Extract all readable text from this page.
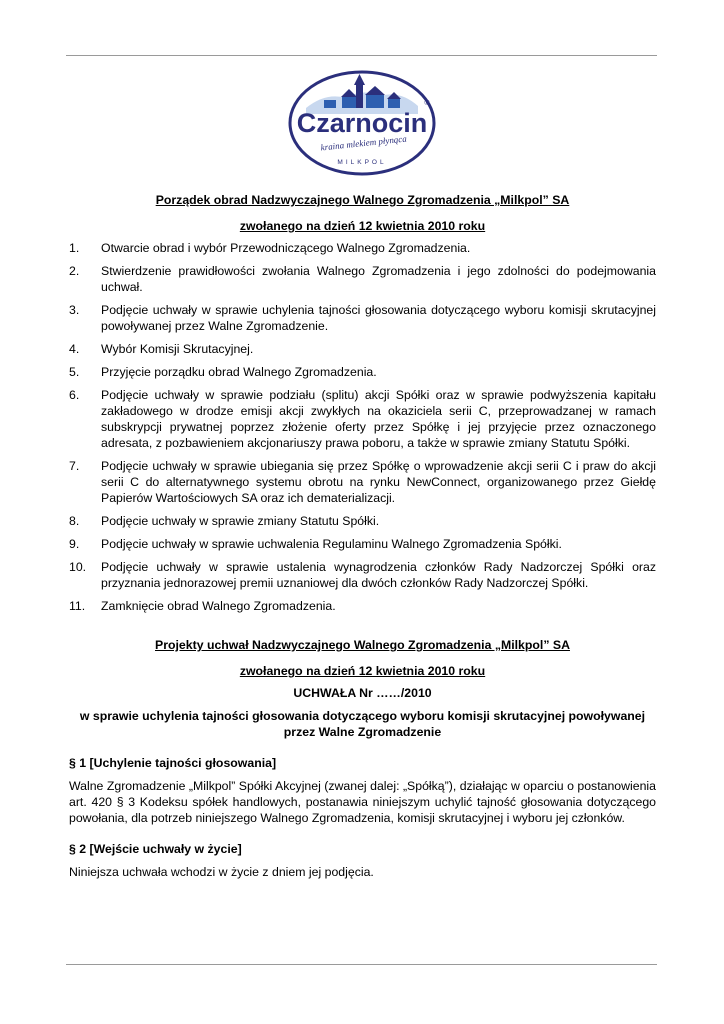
Czarnocin
®
kraina mlekiem płynąca
MILKPOL
Porządek obrad Nadzwyczajnego Walnego Zgromadzenia „Milkpol” SA
zwołanego na dzień 12 kwietnia 2010 roku
1.	Otwarcie obrad i wybór Przewodniczącego Walnego Zgromadzenia.
2.	Stwierdzenie prawidłowości zwołania Walnego Zgromadzenia i jego zdolności do podejmowania uchwał.
3.	Podjęcie uchwały w sprawie uchylenia tajności głosowania dotyczącego wyboru komisji skrutacyjnej powoływanej przez Walne Zgromadzenie.
4.	Wybór Komisji Skrutacyjnej.
5.	Przyjęcie porządku obrad Walnego Zgromadzenia.
6.	Podjęcie uchwały w sprawie podziału (splitu) akcji Spółki oraz w sprawie podwyższenia kapitału zakładowego w drodze emisji akcji zwykłych na okaziciela serii C, przeprowadzanej w ramach subskrypcji prywatnej poprzez złożenie oferty przez Spółkę i jej przyjęcie przez oznaczonego adresata, z pozbawieniem akcjonariuszy prawa poboru, a także w sprawie zmiany Statutu Spółki.
7.	Podjęcie uchwały w sprawie ubiegania się przez Spółkę o wprowadzenie akcji serii C i praw do akcji serii C do alternatywnego systemu obrotu na rynku NewConnect, organizowanego przez Giełdę Papierów Wartościowych SA oraz ich dematerializacji.
8.	Podjęcie uchwały w sprawie zmiany Statutu Spółki.
9.	Podjęcie uchwały w sprawie uchwalenia Regulaminu Walnego Zgromadzenia Spółki.
10.	Podjęcie uchwały w sprawie ustalenia wynagrodzenia członków Rady Nadzorczej Spółki oraz przyznania jednorazowej premii uznaniowej dla dwóch członków Rady Nadzorczej Spółki.
11.	Zamknięcie obrad Walnego Zgromadzenia.
Projekty uchwał Nadzwyczajnego Walnego Zgromadzenia „Milkpol” SA
zwołanego na dzień 12 kwietnia 2010 roku
UCHWAŁA Nr ……/2010
w sprawie uchylenia tajności głosowania dotyczącego wyboru komisji skrutacyjnej powoływanej przez Walne Zgromadzenie
§ 1 [Uchylenie tajności głosowania]

Walne Zgromadzenie „Milkpol” Spółki Akcyjnej (zwanej dalej: „Spółką”), działając w oparciu o postanowienia art. 420 § 3 Kodeksu spółek handlowych, postanawia niniejszym uchylić tajność głosowania dotyczącego powołania, dla potrzeb niniejszego Walnego Zgromadzenia, komisji skrutacyjnej i wyboru jej członków.

§ 2 [Wejście uchwały w życie]

Niniejsza uchwała wchodzi w życie z dniem jej podjęcia.
